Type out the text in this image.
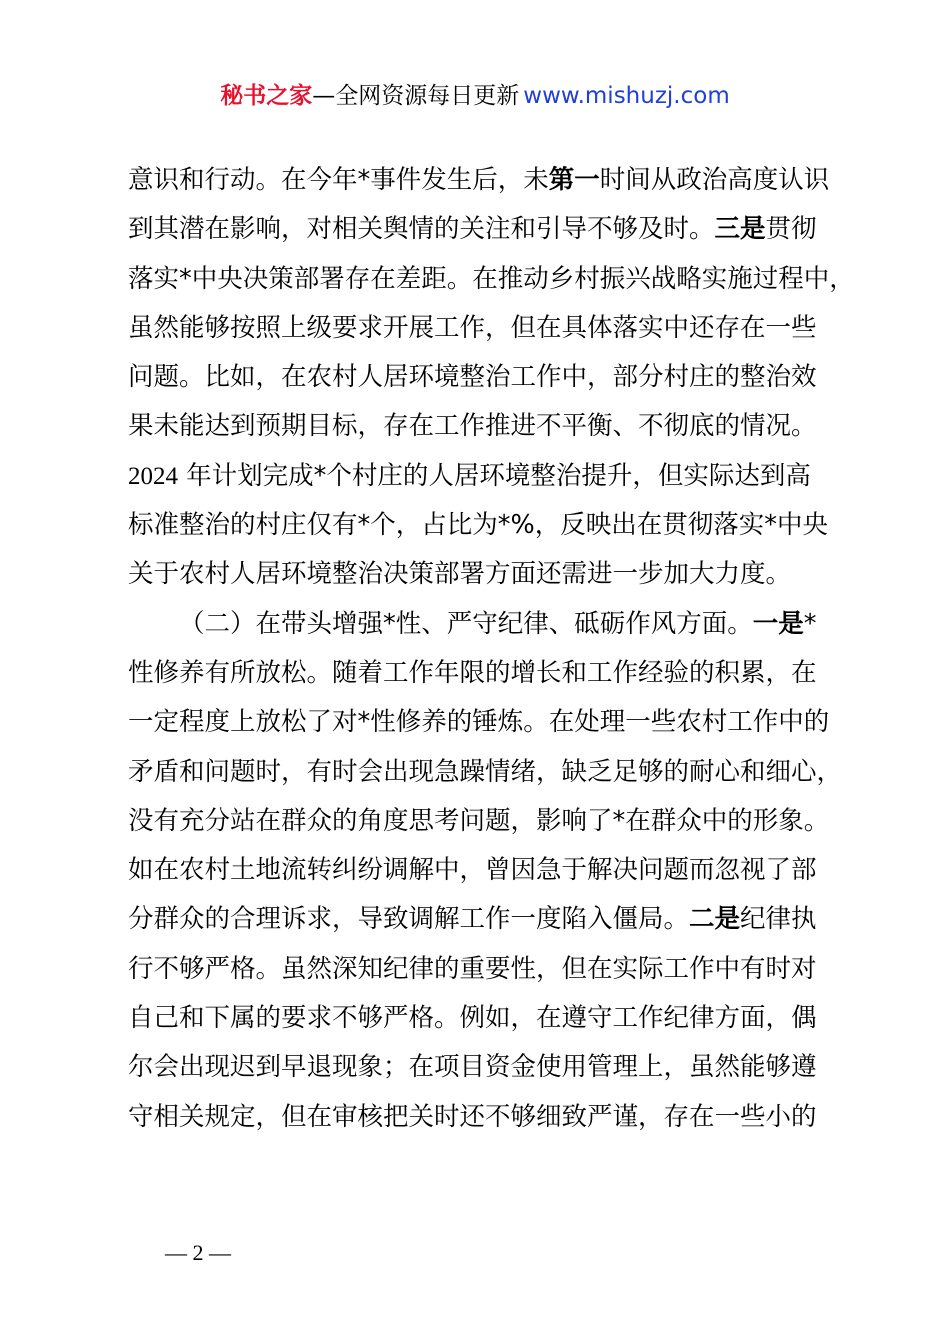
秘书之家—全网资源每日更新 www.mishuzj.com
意识和行动。在今年*事件发生后，未第一时间从政治高度认识
到其潜在影响，对相关舆情的关注和引导不够及时。三是贯彻
落实*中央决策部署存在差距。在推动乡村振兴战略实施过程中，
虽然能够按照上级要求开展工作，但在具体落实中还存在一些
问题。比如，在农村人居环境整治工作中，部分村庄的整治效
果未能达到预期目标，存在工作推进不平衡、不彻底的情况。
2024 年计划完成*个村庄的人居环境整治提升，但实际达到高
标准整治的村庄仅有*个，占比为*%，反映出在贯彻落实*中央
关于农村人居环境整治决策部署方面还需进一步加大力度。
（二）在带头增强*性、严守纪律、砥砺作风方面。一是*
性修养有所放松。随着工作年限的增长和工作经验的积累，在
一定程度上放松了对*性修养的锤炼。在处理一些农村工作中的
矛盾和问题时，有时会出现急躁情绪，缺乏足够的耐心和细心，
没有充分站在群众的角度思考问题，影响了*在群众中的形象。
如在农村土地流转纠纷调解中，曾因急于解决问题而忽视了部
分群众的合理诉求，导致调解工作一度陷入僵局。二是纪律执
行不够严格。虽然深知纪律的重要性，但在实际工作中有时对
自己和下属的要求不够严格。例如，在遵守工作纪律方面，偶
尔会出现迟到早退现象；在项目资金使用管理上，虽然能够遵
守相关规定，但在审核把关时还不够细致严谨，存在一些小的
— 2 —
